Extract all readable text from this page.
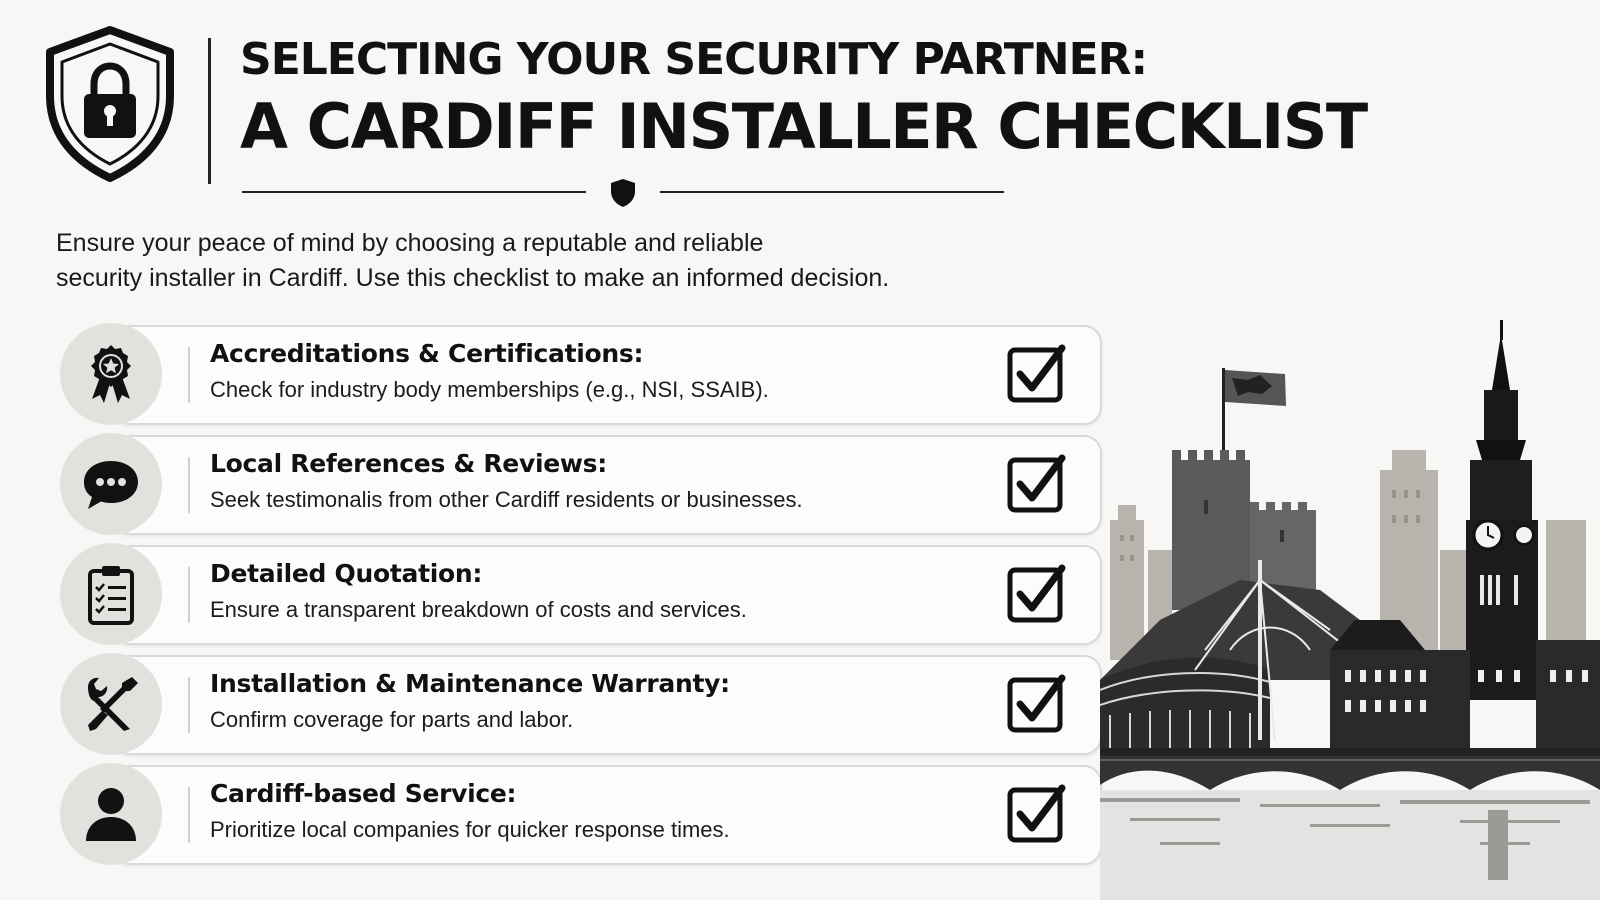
SELECTING YOUR SECURITY PARTNER:
A CARDIFF INSTALLER CHECKLIST
Ensure your peace of mind by choosing a reputable and reliable
security installer in Cardiff. Use this checklist to make an informed decision.
Accreditations & Certifications:
Check for industry body memberships (e.g., NSI, SSAIB).
Local References & Reviews:
Seek testimonalis from other Cardiff residents or businesses.
Detailed Quotation:
Ensure a transparent breakdown of costs and services.
Installation & Maintenance Warranty:
Confirm coverage for parts and labor.
Cardiff-based Service:
Prioritize local companies for quicker response times.
